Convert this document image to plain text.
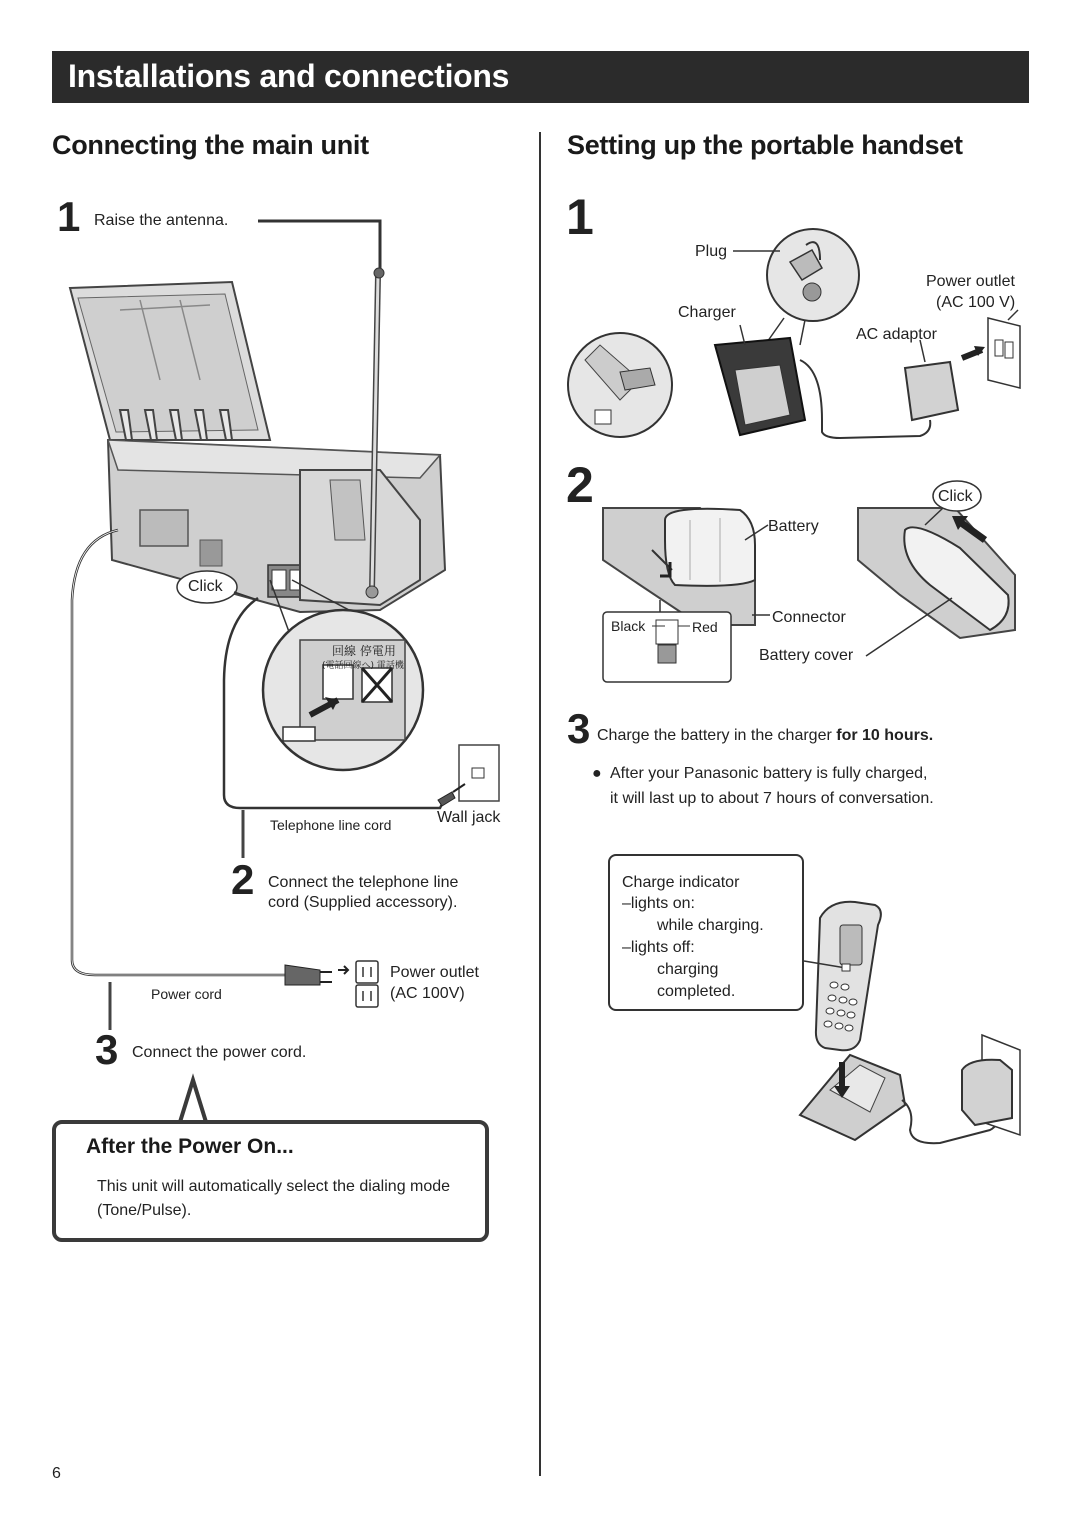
Installations and connections
Connecting the main unit	Setting up the portable handset
1 Raise the antenna.
回線 停電用
(電話回線へ) 電話機
Click
Telephone line cord	Wall jack
2 Connect the telephone line
cord (Supplied accessory).
Power outlet
(AC 100V)
Power cord
3 Connect the power cord.
After the Power On...
This unit will automatically select the dialing mode (Tone/Pulse).
1
Plug
Charger
Power outlet
(AC 100 V)
AC adaptor
2	Click
Battery
Black	Red
Connector
Battery cover
3 Charge the battery in the charger for 10 hours.
● After your Panasonic battery is fully charged,
it will last up to about 7 hours of conversation.
Charge indicator
–lights on:
while charging.
–lights off:
charging
completed.
6
